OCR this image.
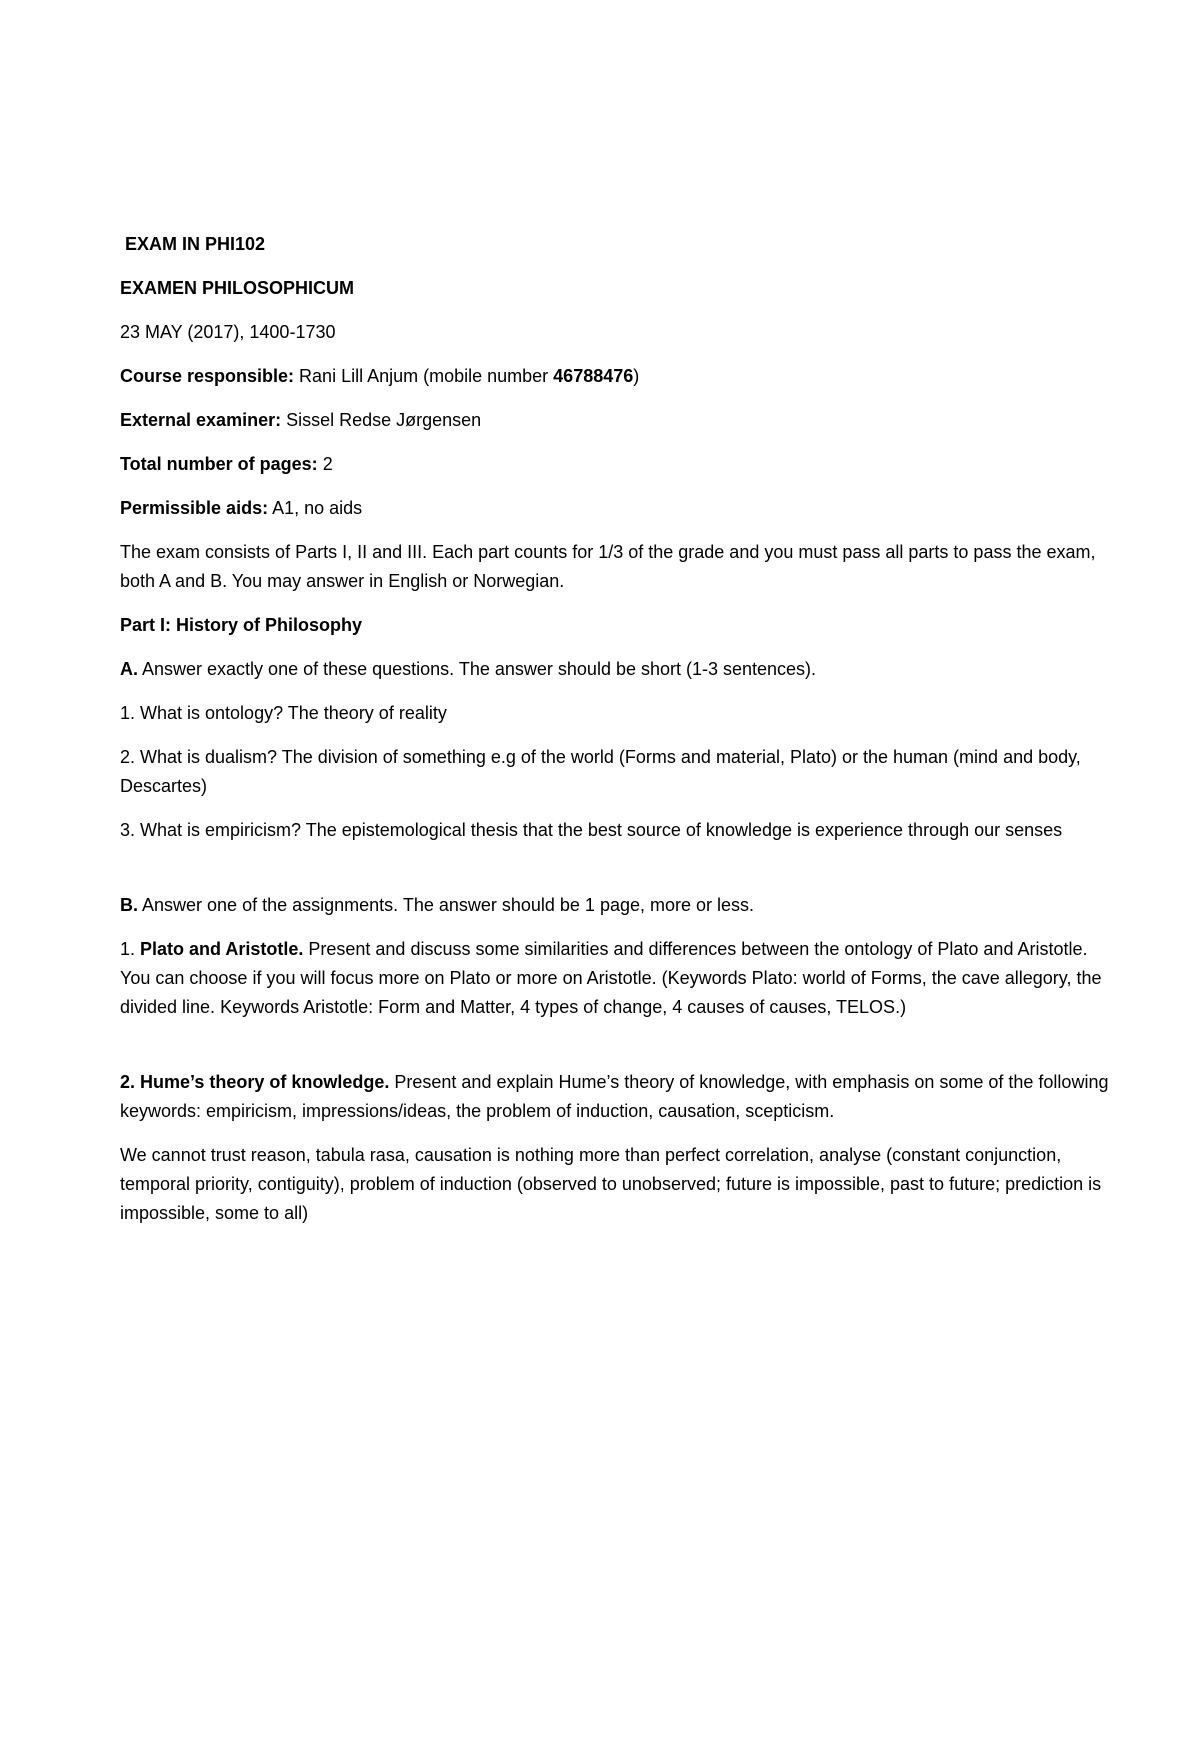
EXAM IN PHI102
EXAMEN PHILOSOPHICUM
23 MAY (2017), 1400-1730
Course responsible: Rani Lill Anjum (mobile number 46788476)
External examiner: Sissel Redse Jørgensen
Total number of pages: 2
Permissible aids: A1, no aids
The exam consists of Parts I, II and III. Each part counts for 1/3 of the grade and you must pass all parts to pass the exam, both A and B. You may answer in English or Norwegian.
Part I: History of Philosophy
A. Answer exactly one of these questions. The answer should be short (1-3 sentences).
1. What is ontology? The theory of reality
2. What is dualism? The division of something e.g of the world (Forms and material, Plato) or the human (mind and body, Descartes)
3. What is empiricism? The epistemological thesis that the best source of knowledge is experience through our senses
B. Answer one of the assignments. The answer should be 1 page, more or less.
1. Plato and Aristotle. Present and discuss some similarities and differences between the ontology of Plato and Aristotle. You can choose if you will focus more on Plato or more on Aristotle. (Keywords Plato: world of Forms, the cave allegory, the divided line. Keywords Aristotle: Form and Matter, 4 types of change, 4 causes of causes, TELOS.)
2. Hume’s theory of knowledge. Present and explain Hume’s theory of knowledge, with emphasis on some of the following keywords: empiricism, impressions/ideas, the problem of induction, causation, scepticism.
We cannot trust reason, tabula rasa, causation is nothing more than perfect correlation, analyse (constant conjunction, temporal priority, contiguity), problem of induction (observed to unobserved; future is impossible, past to future; prediction is impossible, some to all)
